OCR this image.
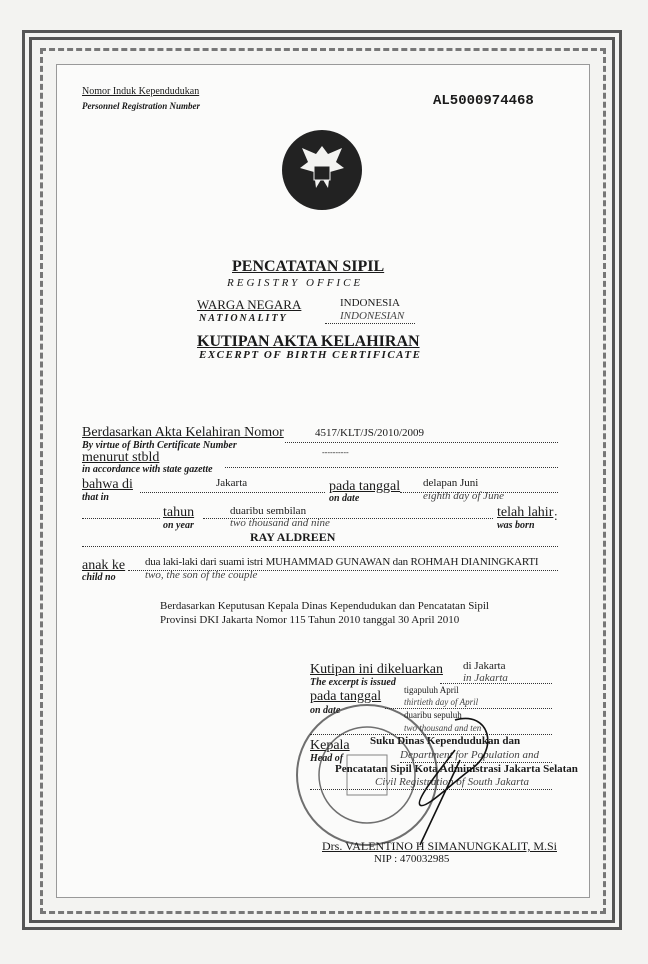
Nomor Induk Kependudukan
Personnel Registration Number	AL5000974468
PENCATATAN SIPIL
REGISTRY OFFICE
WARGA NEGARA
NATIONALITY
INDONESIA
INDONESIAN
KUTIPAN AKTA KELAHIRAN
EXCERPT OF BIRTH CERTIFICATE
Berdasarkan Akta Kelahiran Nomor
By virtue of Birth Certificate Number
4517/KLT/JS/2010/2009
menurut stbld
in accordance with state gazette
----------
bahwa di
that in
Jakarta	pada tanggal
on date
delapan Juni
eighth day of June
tahun
on year
duaribu sembilan
two thousand and nine
telah lahir
was born
:
RAY ALDREEN
anak ke
child no
dua laki-laki dari suami istri MUHAMMAD GUNAWAN dan ROHMAH DIANINGKARTI
two, the son of the couple
Berdasarkan Keputusan Kepala Dinas Kependudukan dan Pencatatan Sipil
Provinsi DKI Jakarta Nomor 115 Tahun 2010 tanggal 30 April 2010
Kutipan ini dikeluarkan
The excerpt is issued
di Jakarta
in Jakarta
pada tanggal
on date
tigapuluh April
thirtieth day of April
duaribu sepuluh
two thousand and ten
Kepala
Head of
Suku Dinas Kependudukan dan
Department for Population and
Pencatatan Sipil Kota Administrasi Jakarta Selatan
Civil Registration of South Jakarta
Drs. VALENTINO H SIMANUNGKALIT, M.Si
NIP : 470032985
